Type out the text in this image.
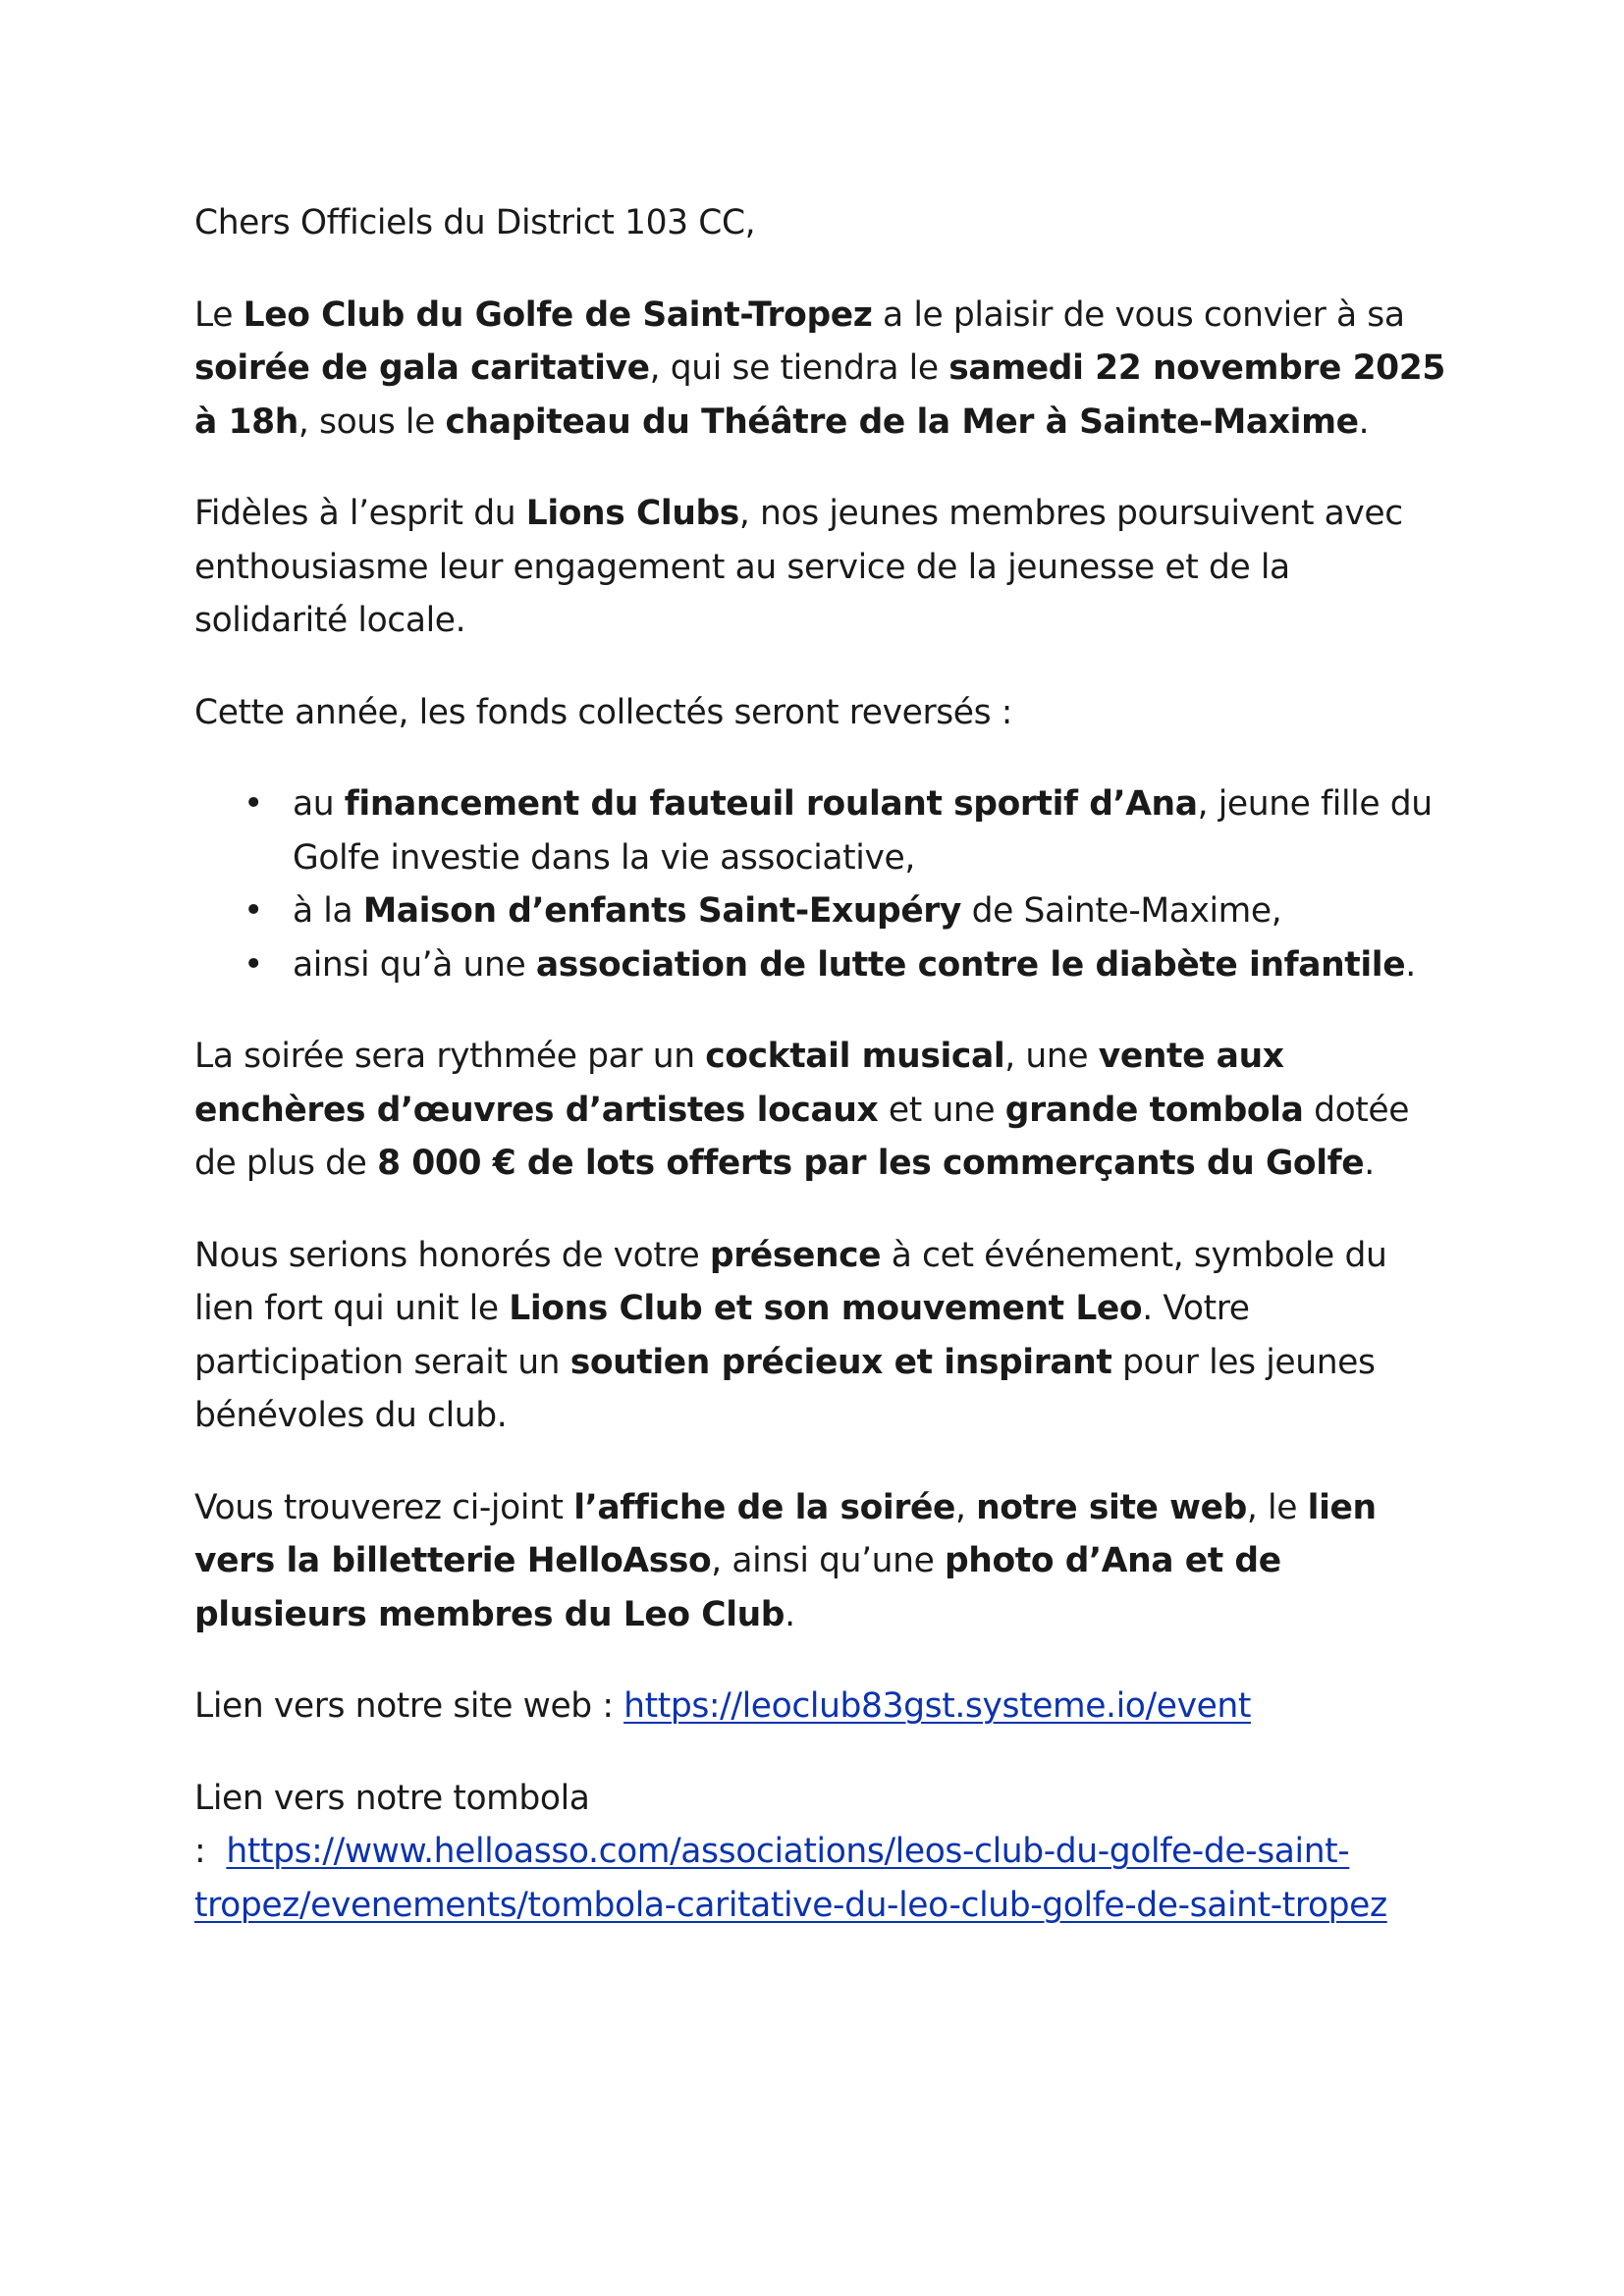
Chers Officiels du District 103 CC,

Le Leo Club du Golfe de Saint-Tropez a le plaisir de vous convier à sa soirée de gala caritative, qui se tiendra le samedi 22 novembre 2025 à 18h, sous le chapiteau du Théâtre de la Mer à Sainte-Maxime.

Fidèles à l’esprit du Lions Clubs, nos jeunes membres poursuivent avec enthousiasme leur engagement au service de la jeunesse et de la solidarité locale.

Cette année, les fonds collectés seront reversés :

• au financement du fauteuil roulant sportif d’Ana, jeune fille du Golfe investie dans la vie associative,
• à la Maison d’enfants Saint-Exupéry de Sainte-Maxime,
• ainsi qu’à une association de lutte contre le diabète infantile.

La soirée sera rythmée par un cocktail musical, une vente aux enchères d’œuvres d’artistes locaux et une grande tombola dotée de plus de 8 000 € de lots offerts par les commerçants du Golfe.

Nous serions honorés de votre présence à cet événement, symbole du lien fort qui unit le Lions Club et son mouvement Leo. Votre participation serait un soutien précieux et inspirant pour les jeunes bénévoles du club.

Vous trouverez ci-joint l’affiche de la soirée, notre site web, le lien vers la billetterie HelloAsso, ainsi qu’une photo d’Ana et de plusieurs membres du Leo Club.

Lien vers notre site web : https://leoclub83gst.systeme.io/event

Lien vers notre tombola
:  https://www.helloasso.com/associations/leos-club-du-golfe-de-saint-tropez/evenements/tombola-caritative-du-leo-club-golfe-de-saint-tropez
